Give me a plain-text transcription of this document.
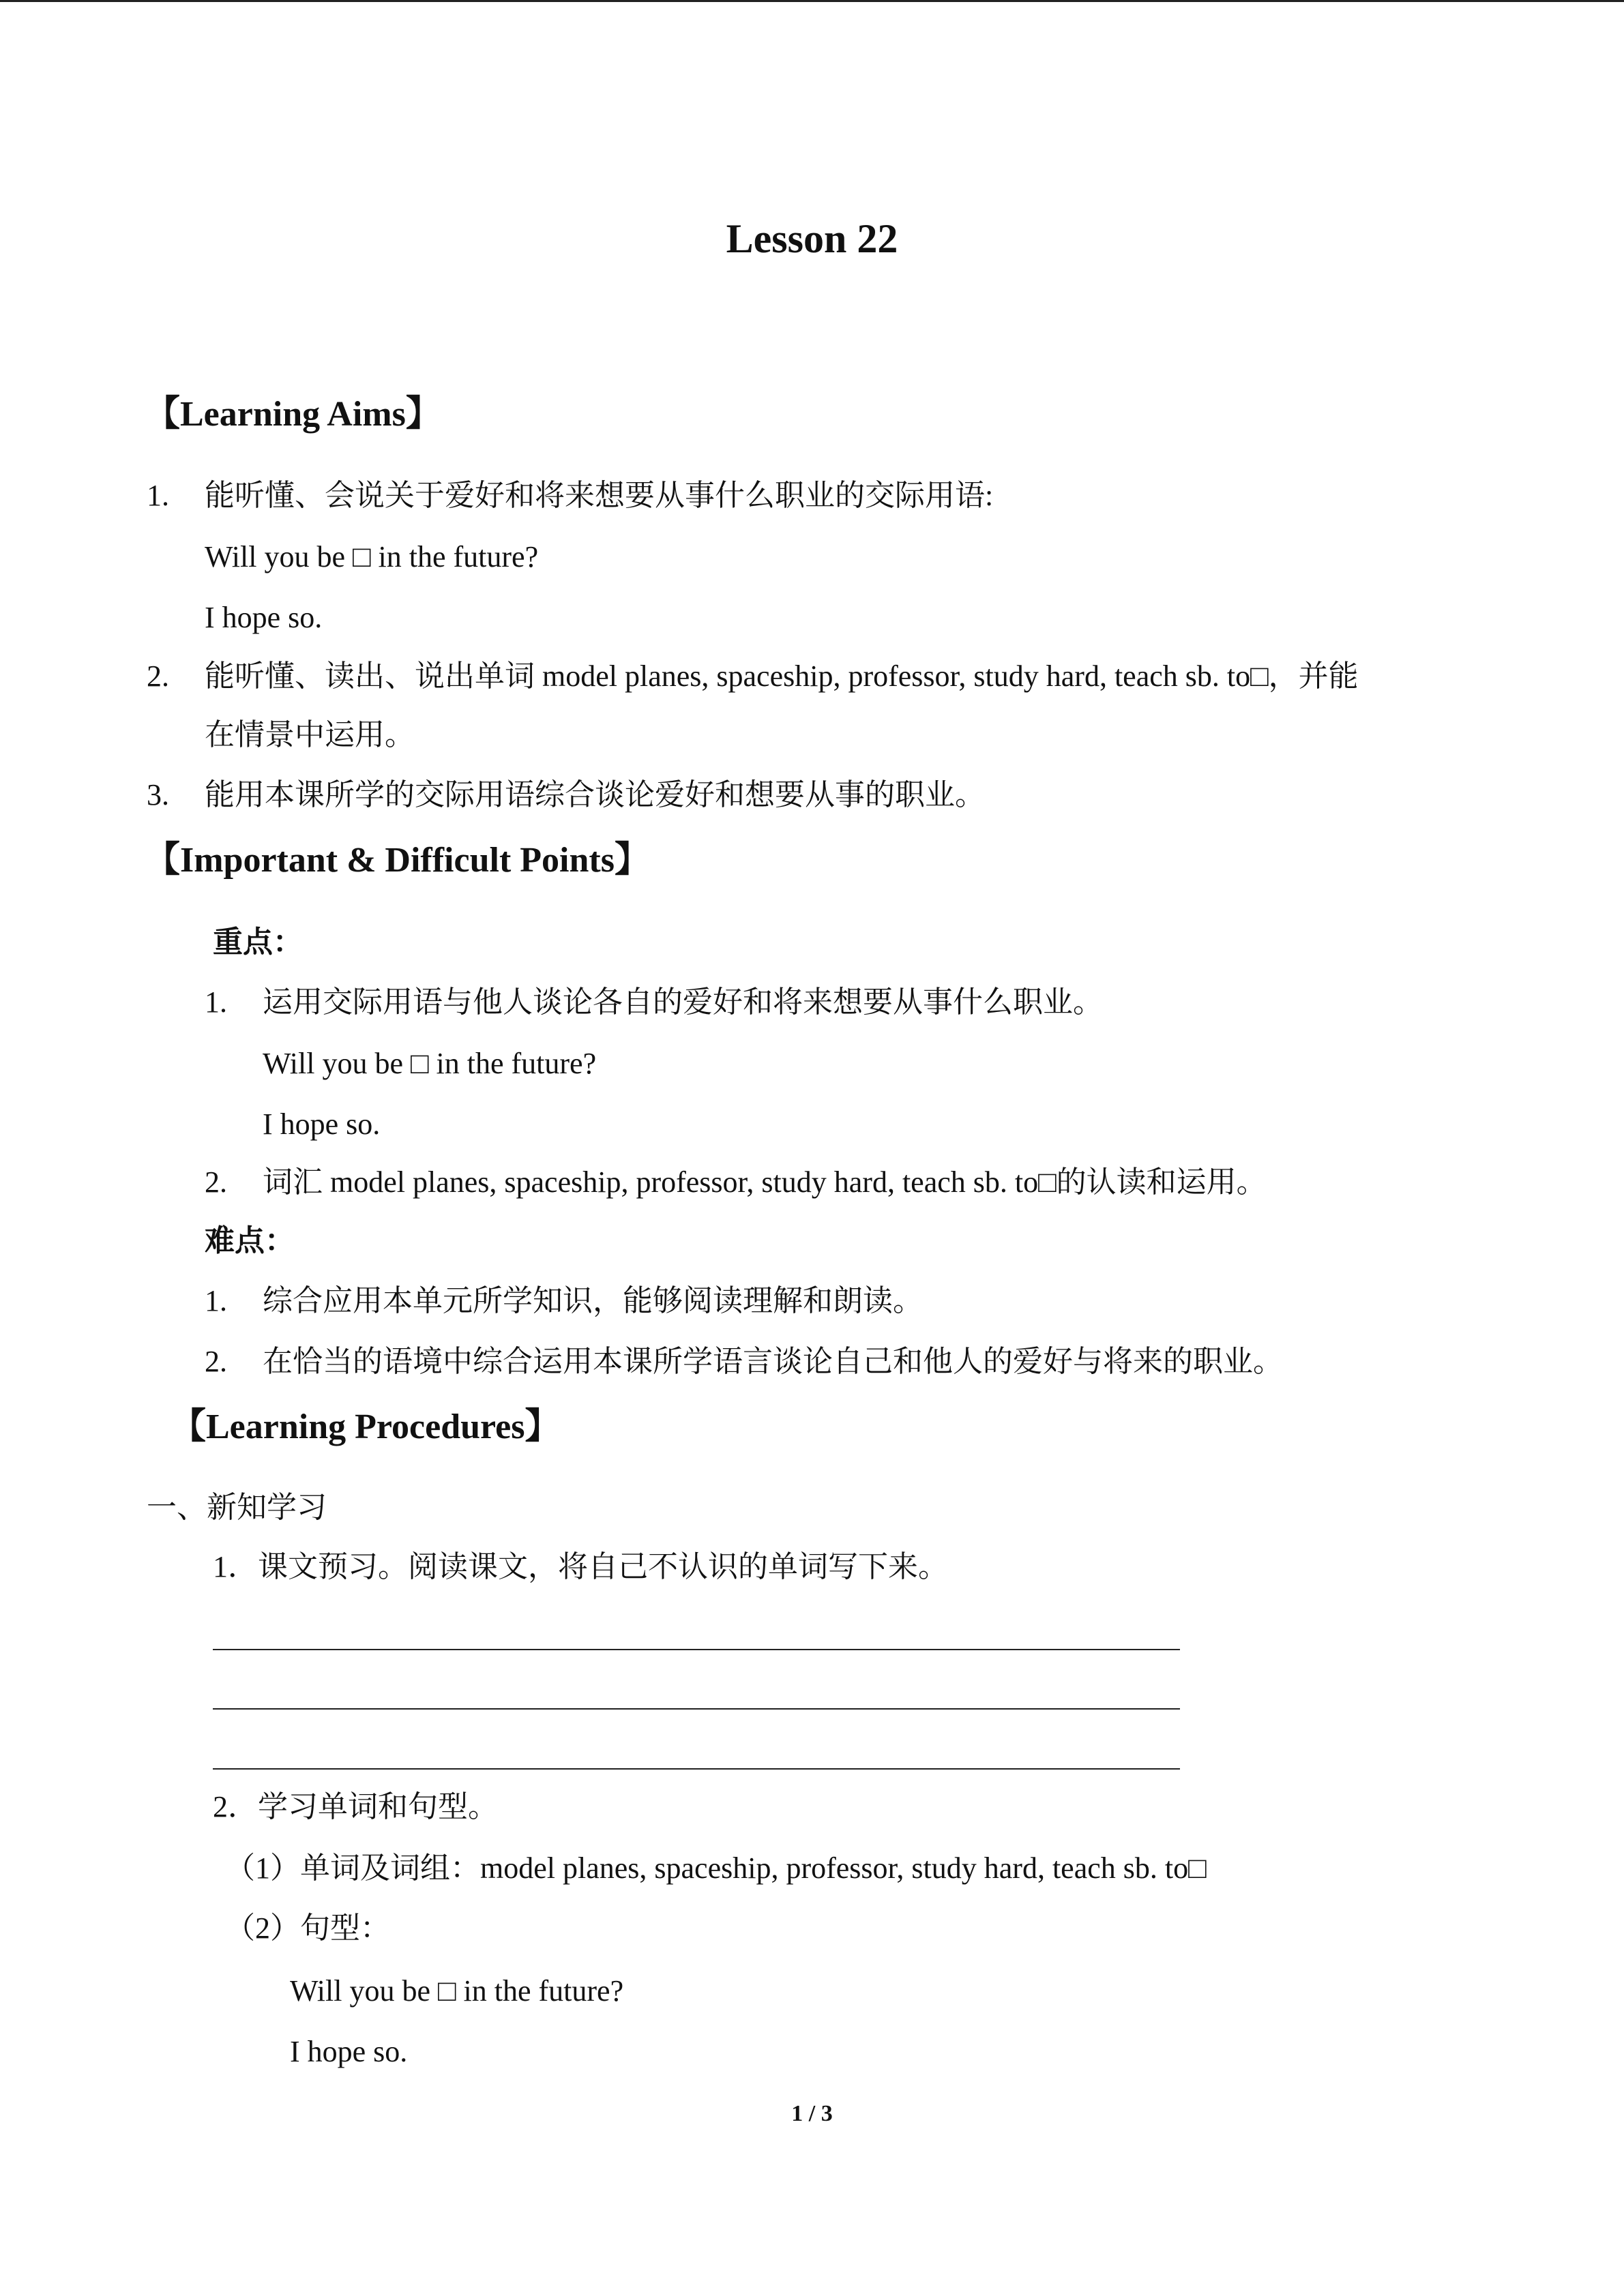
Lesson 22
【Learning Aims】
1. 能听懂、会说关于爱好和将来想要从事什么职业的交际用语:
Will you be □ in the future?
I hope so.
2. 能听懂、读出、说出单词 model planes, spaceship, professor, study hard, teach sb. to□，并能
在情景中运用。
3. 能用本课所学的交际用语综合谈论爱好和想要从事的职业。
【Important & Difficult Points】
重点：
1. 运用交际用语与他人谈论各自的爱好和将来想要从事什么职业。
Will you be □ in the future?
I hope so.
2. 词汇 model planes, spaceship, professor, study hard, teach sb. to□的认读和运用。
难点：
1. 综合应用本单元所学知识，能够阅读理解和朗读。
2. 在恰当的语境中综合运用本课所学语言谈论自己和他人的爱好与将来的职业。
【Learning Procedures】
一、新知学习
1．课文预习。阅读课文，将自己不认识的单词写下来。
2．学习单词和句型。
（1）单词及词组：model planes, spaceship, professor, study hard, teach sb. to□
（2）句型：
Will you be □ in the future?
I hope so.
1 / 3
